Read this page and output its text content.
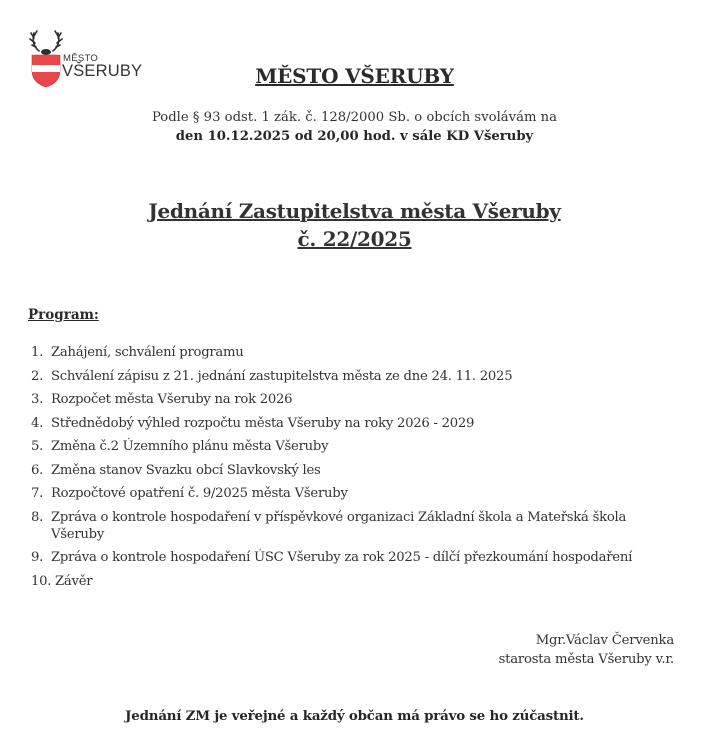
MĚSTO
VŠERUBY	MĚSTO VŠERUBY
Podle § 93 odst. 1 zák. č. 128/2000 Sb. o obcích svolávám na
den 10.12.2025 od 20,00 hod. v sále KD Všeruby
Jednání Zastupitelstva města Všeruby
č. 22/2025
Program:
1. Zahájení, schválení programu
2. Schválení zápisu z 21. jednání zastupitelstva města ze dne 24. 11. 2025
3. Rozpočet města Všeruby na rok 2026
4. Střednědobý výhled rozpočtu města Všeruby na roky 2026 - 2029
5. Změna č.2 Územního plánu města Všeruby
6. Změna stanov Svazku obcí Slavkovský les
7. Rozpočtové opatření č. 9/2025 města Všeruby
8. Zpráva o kontrole hospodaření v příspěvkové organizaci Základní škola a Mateřská škola Všeruby
9. Zpráva o kontrole hospodaření ÚSC Všeruby za rok 2025 - dílčí přezkoumání hospodaření
10. Závěr
Mgr.Václav Červenka
starosta města Všeruby v.r.
Jednání ZM je veřejné a každý občan má právo se ho zúčastnit.
